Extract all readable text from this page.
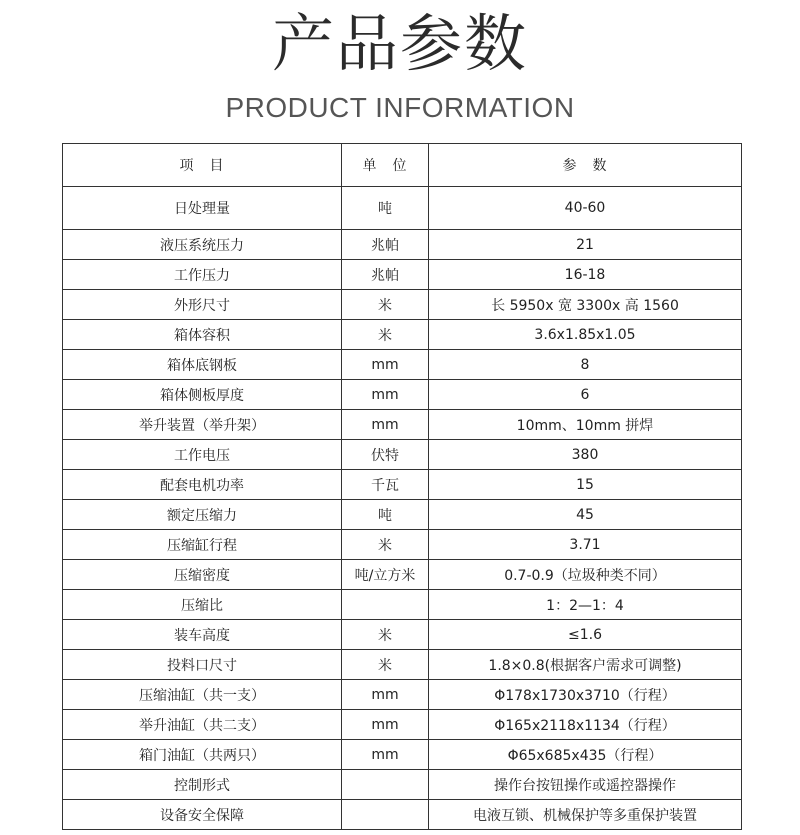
产品参数
PRODUCT INFORMATION
项　目	单　位	参　数
日处理量	吨	40-60
液压系统压力	兆帕	21
工作压力	兆帕	16-18
外形尺寸	米	长 5950x 宽 3300x 高 1560
箱体容积	米	3.6x1.85x1.05
箱体底钢板	mm	8
箱体侧板厚度	mm	6
举升装置（举升架）	mm	10mm、10mm 拼焊
工作电压	伏特	380
配套电机功率	千瓦	15
额定压缩力	吨	45
压缩缸行程	米	3.71
压缩密度	吨/立方米	0.7-0.9（垃圾种类不同）
压缩比		1：2—1：4
装车高度	米	≤1.6
投料口尺寸	米	1.8×0.8(根据客户需求可调整)
压缩油缸（共一支）	mm	Φ178x1730x3710（行程）
举升油缸（共二支）	mm	Φ165x2118x1134（行程）
箱门油缸（共两只）	mm	Φ65x685x435（行程）
控制形式		操作台按钮操作或遥控器操作
设备安全保障		电液互锁、机械保护等多重保护装置
